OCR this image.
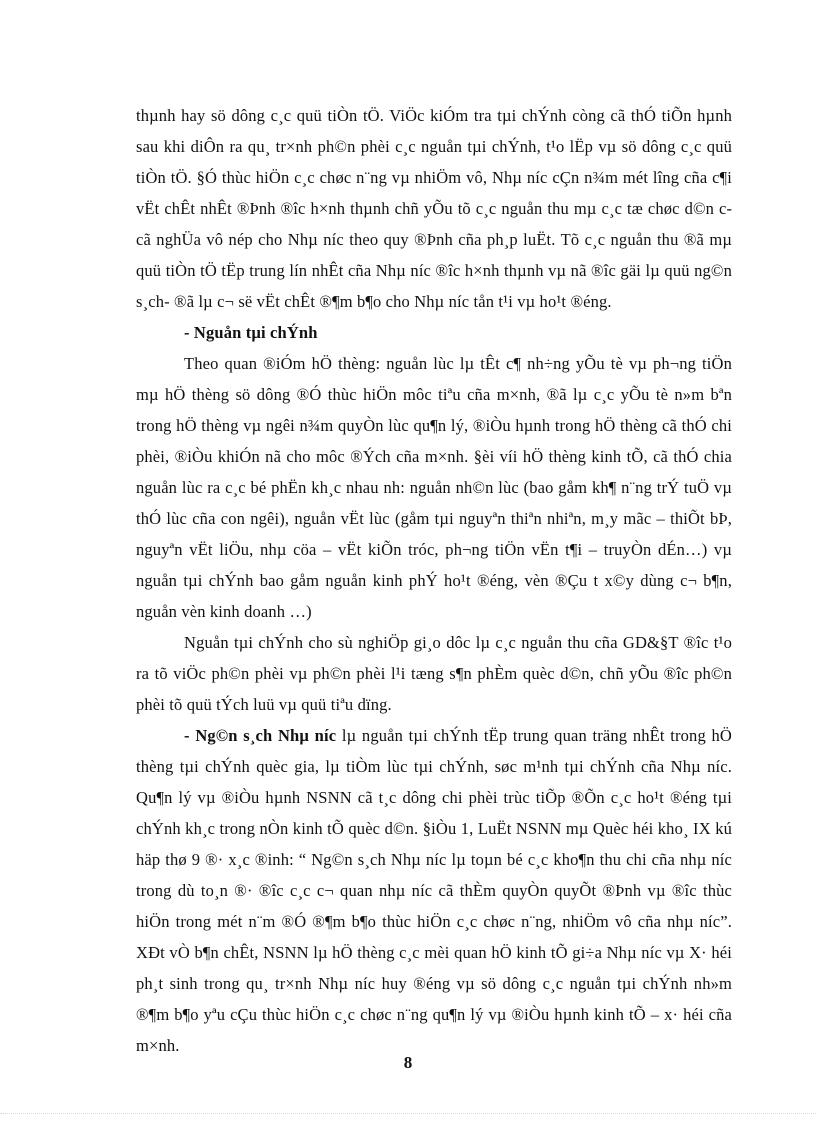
thµnh hay sö dông c¸c quü tiÒn tÖ. ViÖc kiÓm tra tµi chÝnh còng cã thÓ tiÕn hµnh sau khi diÔn ra qu¸ tr×nh ph©n phèi c¸c nguån tµi chÝnh, t¹o lËp vµ sö dông c¸c quü tiÒn tÖ. §Ó thùc hiÖn c¸c chøc n¨ng vµ nhiÖm vô, Nhµ níc cÇn n¾m mét lîng cña c¶i vËt chÊt nhÊt ®Þnh ®îc h×nh thµnh chñ yÕu tõ c¸c nguån thu mµ c¸c tæ chøc d©n c cã nghÜa vô nép cho Nhµ níc theo quy ®Þnh cña ph¸p luËt. Tõ c¸c nguån thu ®ã mµ quü tiÒn tÖ tËp trung lín nhÊt cña Nhµ níc ®îc h×nh thµnh vµ nã ®îc gäi lµ quü ng©n s¸ch- ®ã lµ c¬ së vËt chÊt ®¶m b¶o cho Nhµ níc tån t¹i vµ ho¹t ®éng.

- Nguån tµi chÝnh

Theo quan ®iÓm hÖ thèng: nguån lùc lµ tÊt c¶ nh÷ng yÕu tè vµ ph¬ng tiÖn mµ hÖ thèng sö dông ®Ó thùc hiÖn môc tiªu cña m×nh, ®ã lµ c¸c yÕu tè n»m bªn trong hÖ thèng vµ ngêi n¾m quyÒn lùc qu¶n lý, ®iÒu hµnh trong hÖ thèng cã thÓ chi phèi, ®iÒu khiÓn nã cho môc ®Ých cña m×nh. §èi víi hÖ thèng kinh tÕ, cã thÓ chia nguån lùc ra c¸c bé phËn kh¸c nhau nh: nguån nh©n lùc (bao gåm kh¶ n¨ng trÝ tuÖ vµ thÓ lùc cña con ngêi), nguån vËt lùc (gåm tµi nguyªn thiªn nhiªn, m¸y mãc – thiÕt bÞ, nguyªn vËt liÖu, nhµ cöa – vËt kiÕn tróc, ph¬ng tiÖn vËn t¶i – truyÒn dÉn…) vµ nguån tµi chÝnh bao gåm nguån kinh phÝ ho¹t ®éng, vèn ®Çu t x©y dùng c¬ b¶n, nguån vèn kinh doanh …)

Nguån tµi chÝnh cho sù nghiÖp gi¸o dôc lµ c¸c nguån thu cña GD&§T ®îc t¹o ra tõ viÖc ph©n phèi vµ ph©n phèi l¹i tæng s¶n phÈm quèc d©n, chñ yÕu ®îc ph©n phèi tõ quü tÝch luü vµ quü tiªu dïng.

- Ng©n s¸ch Nhµ níc lµ nguån tµi chÝnh tËp trung quan träng nhÊt trong hÖ thèng tµi chÝnh quèc gia, lµ tiÒm lùc tµi chÝnh, søc m¹nh tµi chÝnh cña Nhµ níc. Qu¶n lý vµ ®iÒu hµnh NSNN cã t¸c dông chi phèi trùc tiÕp ®Õn c¸c ho¹t ®éng tµi chÝnh kh¸c trong nÒn kinh tÕ quèc d©n. §iÒu 1, LuËt NSNN mµ Quèc héi kho¸ IX kú häp thø 9 ®· x¸c ®inh: “ Ng©n s¸ch Nhµ níc lµ toµn bé c¸c kho¶n thu chi cña nhµ níc trong dù to¸n ®· ®îc c¸c c¬ quan nhµ níc cã thÈm quyÒn quyÕt ®Þnh vµ ®îc thùc hiÖn trong mét n¨m ®Ó ®¶m b¶o thùc hiÖn c¸c chøc n¨ng, nhiÖm vô cña nhµ níc”. XÐt vÒ b¶n chÊt, NSNN lµ hÖ thèng c¸c mèi quan hÖ kinh tÕ gi÷a Nhµ níc vµ X· héi ph¸t sinh trong qu¸ tr×nh Nhµ níc huy ®éng vµ sö dông c¸c nguån tµi chÝnh nh»m ®¶m b¶o yªu cÇu thùc hiÖn c¸c chøc n¨ng qu¶n lý vµ ®iÒu hµnh kinh tÕ – x· héi cña m×nh.

8
